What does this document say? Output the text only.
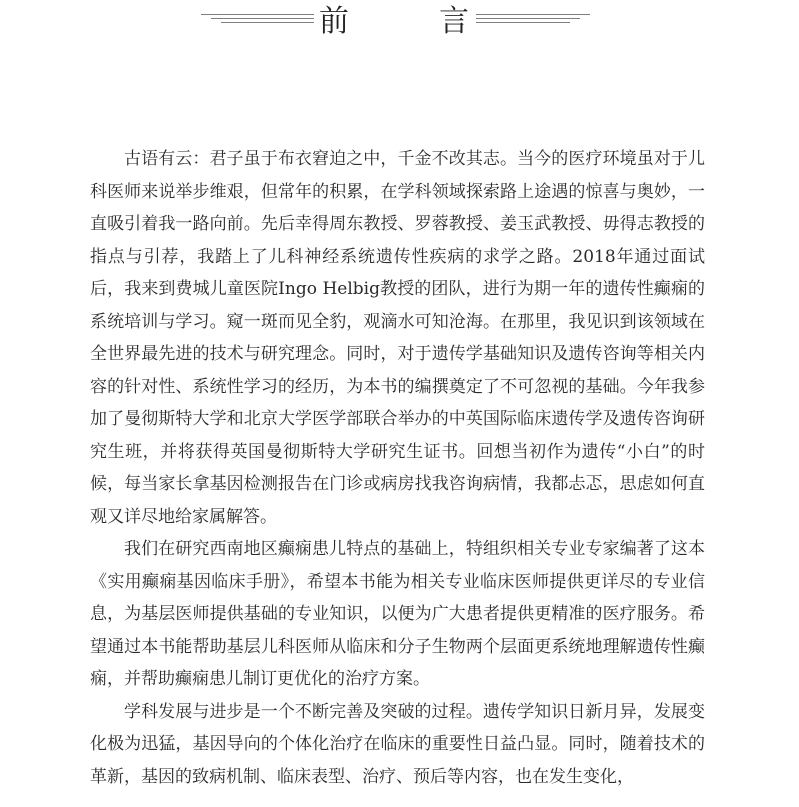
前	言

古语有云：君子虽于布衣窘迫之中，千金不改其志。当今的医疗环境虽对于儿科医师来说举步维艰，但常年的积累，在学科领域探索路上途遇的惊喜与奥妙，一直吸引着我一路向前。先后幸得周东教授、罗蓉教授、姜玉武教授、毋得志教授的指点与引荐，我踏上了儿科神经系统遗传性疾病的求学之路。2018年通过面试后，我来到费城儿童医院Ingo Helbig教授的团队，进行为期一年的遗传性癫痫的系统培训与学习。窥一斑而见全豹，观滴水可知沧海。在那里，我见识到该领域在全世界最先进的技术与研究理念。同时，对于遗传学基础知识及遗传咨询等相关内容的针对性、系统性学习的经历，为本书的编撰奠定了不可忽视的基础。今年我参加了曼彻斯特大学和北京大学医学部联合举办的中英国际临床遗传学及遗传咨询研究生班，并将获得英国曼彻斯特大学研究生证书。回想当初作为遗传“小白”的时候，每当家长拿基因检测报告在门诊或病房找我咨询病情，我都忐忑，思虑如何直观又详尽地给家属解答。

我们在研究西南地区癫痫患儿特点的基础上，特组织相关专业专家编著了这本《实用癫痫基因临床手册》，希望本书能为相关专业临床医师提供更详尽的专业信息，为基层医师提供基础的专业知识，以便为广大患者提供更精准的医疗服务。希望通过本书能帮助基层儿科医师从临床和分子生物两个层面更系统地理解遗传性癫痫，并帮助癫痫患儿制订更优化的治疗方案。

学科发展与进步是一个不断完善及突破的过程。遗传学知识日新月异，发展变化极为迅猛，基因导向的个体化治疗在临床的重要性日益凸显。同时，随着技术的革新，基因的致病机制、临床表型、治疗、预后等内容，也在发生变化，
